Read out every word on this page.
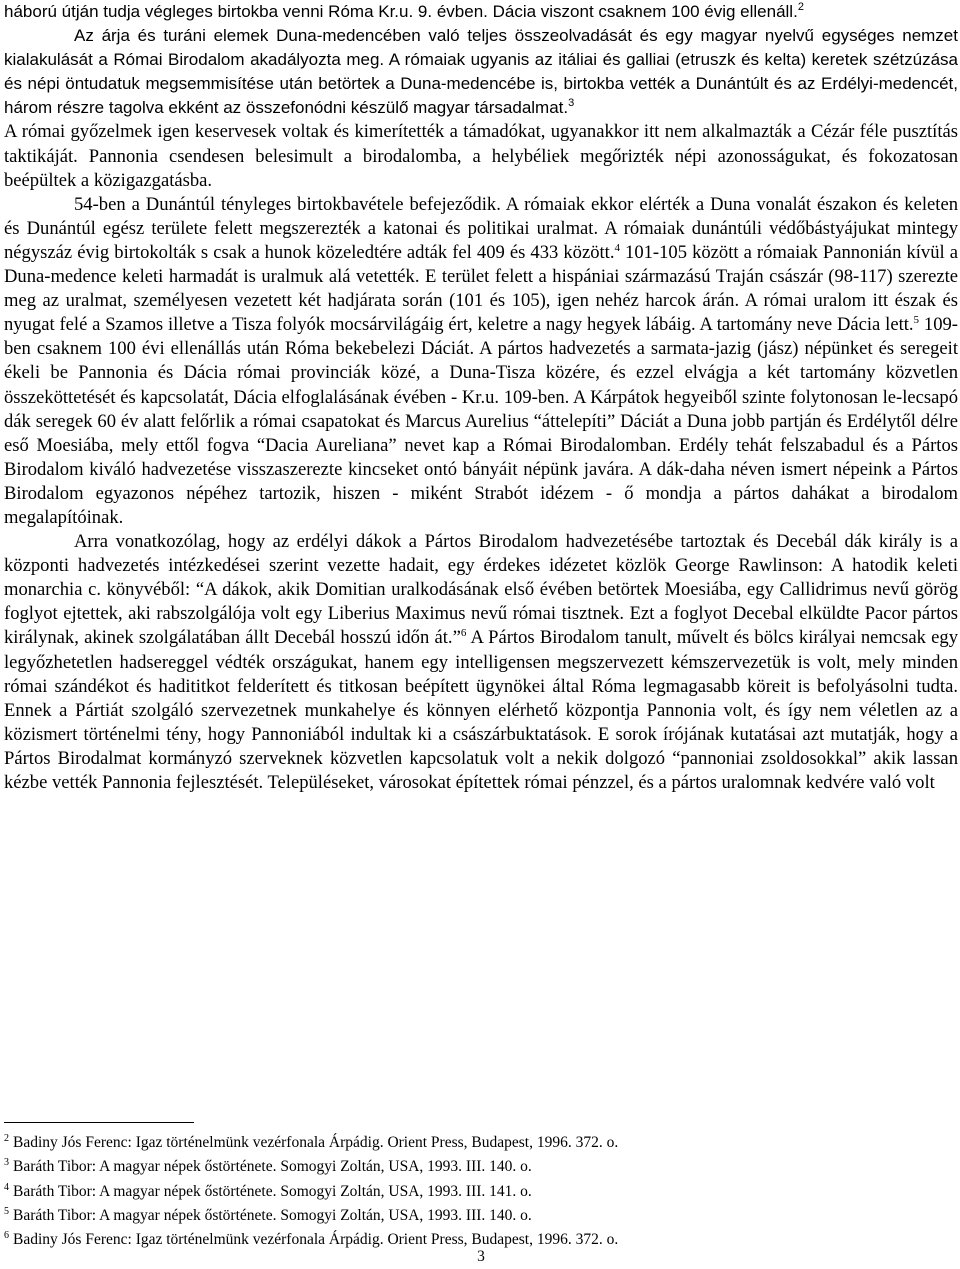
háború útján tudja végleges birtokba venni Róma Kr.u. 9. évben. Dácia viszont csaknem 100 évig ellenáll.$^2$

Az árja és turáni elemek Duna-medencében való teljes összeolvadását és egy magyar nyelvű egységes nemzet kialakulását a Római Birodalom akadályozta meg. A rómaiak ugyanis az itáliai és galliai (etruszk és kelta) keretek szétzúzása és népi öntudatuk megsemmisítése után betörtek a Duna-medencébe is, birtokba vették a Dunántúlt és az Erdélyi-medencét, három részre tagolva ekként az összefonódni készülő magyar társadalmat.$^3$

A római győzelmek igen keservesek voltak és kimerítették a támadókat, ugyanakkor itt nem alkalmazták a Cézár féle pusztítás taktikáját. Pannonia csendesen belesimult a birodalomba, a helybéliek megőrizték népi azonosságukat, és fokozatosan beépültek a közigazgatásba.

54-ben a Dunántúl tényleges birtokbavétele befejeződik. A rómaiak ekkor elérték a Duna vonalát északon és keleten és Dunántúl egész területe felett megszerezték a katonai és politikai uralmat. A rómaiak dunántúli védőbástyájukat mintegy négyszáz évig birtokolták s csak a hunok közeledtére adták fel 409 és 433 között.$^4$ 101-105 között a rómaiak Pannonián kívül a Duna-medence keleti harmadát is uralmuk alá vetették. E terület felett a hispániai származású Traján császár (98-117) szerezte meg az uralmat, személyesen vezetett két hadjárata során (101 és 105), igen nehéz harcok árán. A római uralom itt észak és nyugat felé a Szamos illetve a Tisza folyók mocsárvilágáig ért, keletre a nagy hegyek lábáig. A tartomány neve Dácia lett.$^5$ 109-ben csaknem 100 évi ellenállás után Róma bekebelezi Dáciát. A pártos hadvezetés a sarmata-jazig (jász) népünket és seregeit ékeli be Pannonia és Dácia római provinciák közé, a Duna-Tisza közére, és ezzel elvágja a két tartomány közvetlen összeköttetését és kapcsolatát, Dácia elfoglalásának évében - Kr.u. 109-ben. A Kárpátok hegyeiből szinte folytonosan le-lecsapó dák seregek 60 év alatt felőrlik a római csapatokat és Marcus Aurelius “áttelepíti” Dáciát a Duna jobb partján és Erdélytől délre eső Moesiába, mely ettől fogva “Dacia Aureliana” nevet kap a Római Birodalomban. Erdély tehát felszabadul és a Pártos Birodalom kiváló hadvezetése visszaszerezte kincseket ontó bányáit népünk javára. A dák-daha néven ismert népeink a Pártos Birodalom egyazonos népéhez tartozik, hiszen - miként Strabót idézem - ő mondja a pártos dahákat a birodalom megalapítóinak.

Arra vonatkozólag, hogy az erdélyi dákok a Pártos Birodalom hadvezetésébe tartoztak és Decebál dák király is a központi hadvezetés intézkedései szerint vezette hadait, egy érdekes idézetet közlök George Rawlinson: A hatodik keleti monarchia c. könyvéből: “A dákok, akik Domitian uralkodásának első évében betörtek Moesiába, egy Callidrimus nevű görög foglyot ejtettek, aki rabszolgálója volt egy Liberius Maximus nevű római tisztnek. Ezt a foglyot Decebal elküldte Pacor pártos királynak, akinek szolgálatában állt Decebál hosszú időn át.”$^6$ A Pártos Birodalom tanult, művelt és bölcs királyai nemcsak egy legyőzhetetlen hadsereggel védték országukat, hanem egy intelligensen megszervezett kémszervezetük is volt, mely minden római szándékot és hadititkot felderített és titkosan beépített ügynökei által Róma legmagasabb köreit is befolyásolni tudta. Ennek a Pártiát szolgáló szervezetnek munkahelye és könnyen elérhető központja Pannonia volt, és így nem véletlen az a közismert történelmi tény, hogy Pannoniából indultak ki a császárbuktatások. E sorok írójának kutatásai azt mutatják, hogy a Pártos Birodalmat kormányzó szerveknek közvetlen kapcsolatuk volt a nekik dolgozó “pannoniai zsoldosokkal” akik lassan kézbe vették Pannonia fejlesztését. Településeket, városokat építettek római pénzzel, és a pártos uralomnak kedvére való volt

$^2$ Badiny Jós Ferenc: Igaz történelmünk vezérfonala Árpádig. Orient Press, Budapest, 1996. 372. o.
$^3$ Baráth Tibor: A magyar népek őstörténete. Somogyi Zoltán, USA, 1993. III. 140. o.
$^4$ Baráth Tibor: A magyar népek őstörténete. Somogyi Zoltán, USA, 1993. III. 141. o.
$^5$ Baráth Tibor: A magyar népek őstörténete. Somogyi Zoltán, USA, 1993. III. 140. o.
$^6$ Badiny Jós Ferenc: Igaz történelmünk vezérfonala Árpádig. Orient Press, Budapest, 1996. 372. o.
3
